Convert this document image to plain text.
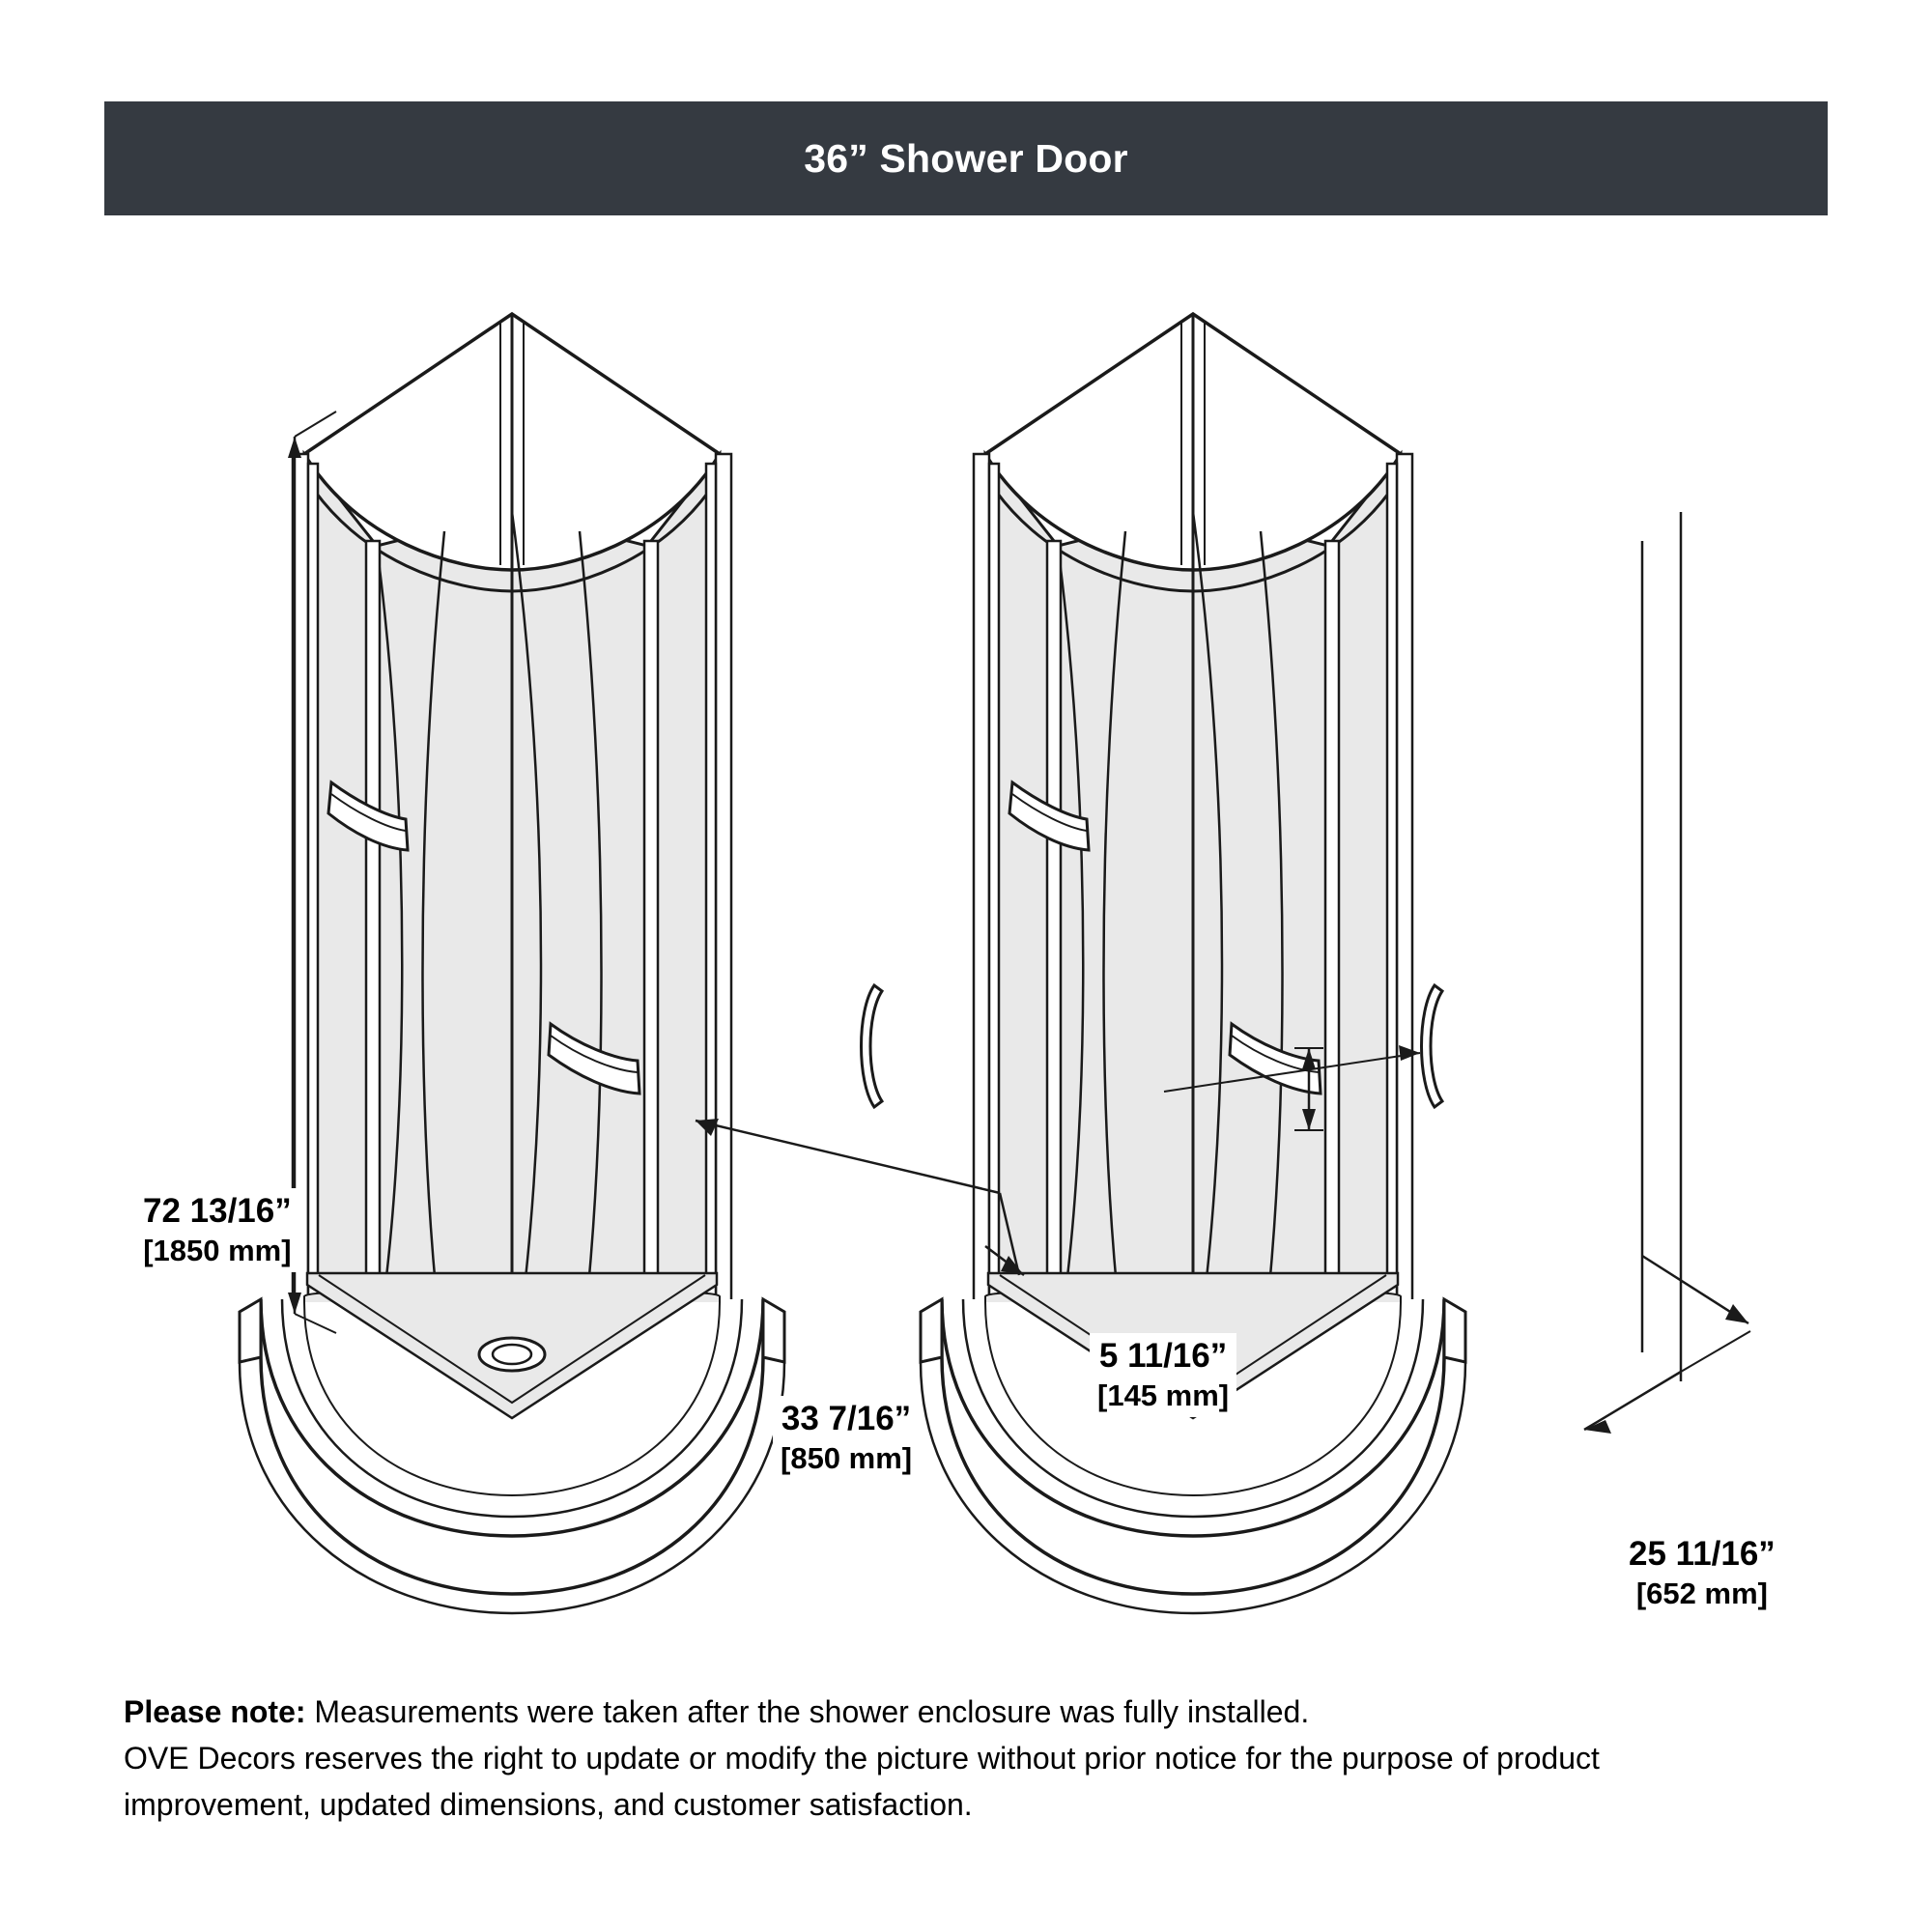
36” Shower Door
72 13/16”
[1850 mm]
33 7/16”
[850 mm]
5 11/16”
[145 mm]
25 11/16”
[652 mm]
Please note: Measurements were taken after the shower enclosure was fully installed.
OVE Decors reserves the right to update or modify the picture without prior notice for the purpose of product
improvement, updated dimensions, and customer satisfaction.
